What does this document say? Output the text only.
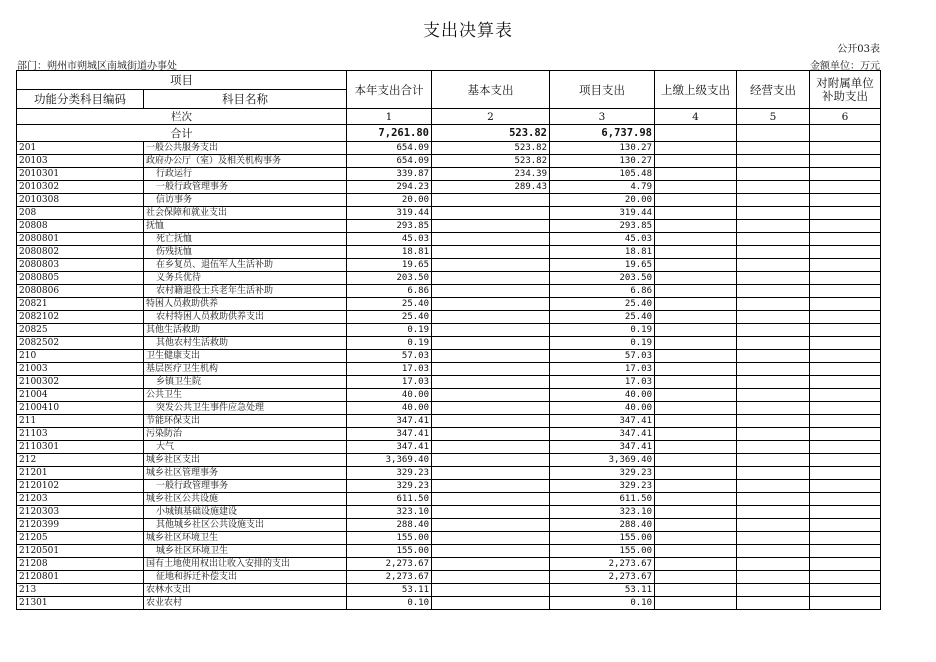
支出决算表
公开03表
部门：朔州市朔城区南城街道办事处	金额单位：万元
项目		本年支出合计	基本支出	项目支出	上缴上级支出	经营支出	对附属单位补助支出
功能分类科目编码	科目名称						
栏次		1	2	3	4	5	6
合计		7,261.80	523.82	6,737.98			
201	一般公共服务支出	654.09	523.82	130.27			
20103	政府办公厅（室）及相关机构事务	654.09	523.82	130.27			
2010301	行政运行	339.87	234.39	105.48			
2010302	一般行政管理事务	294.23	289.43	4.79			
2010308	信访事务	20.00		20.00			
208	社会保障和就业支出	319.44		319.44			
20808	抚恤	293.85		293.85			
2080801	死亡抚恤	45.03		45.03			
2080802	伤残抚恤	18.81		18.81			
2080803	在乡复员、退伍军人生活补助	19.65		19.65			
2080805	义务兵优待	203.50		203.50			
2080806	农村籍退役士兵老年生活补助	6.86		6.86			
20821	特困人员救助供养	25.40		25.40			
2082102	农村特困人员救助供养支出	25.40		25.40			
20825	其他生活救助	0.19		0.19			
2082502	其他农村生活救助	0.19		0.19			
210	卫生健康支出	57.03		57.03			
21003	基层医疗卫生机构	17.03		17.03			
2100302	乡镇卫生院	17.03		17.03			
21004	公共卫生	40.00		40.00			
2100410	突发公共卫生事件应急处理	40.00		40.00			
211	节能环保支出	347.41		347.41			
21103	污染防治	347.41		347.41			
2110301	大气	347.41		347.41			
212	城乡社区支出	3,369.40		3,369.40			
21201	城乡社区管理事务	329.23		329.23			
2120102	一般行政管理事务	329.23		329.23			
21203	城乡社区公共设施	611.50		611.50			
2120303	小城镇基础设施建设	323.10		323.10			
2120399	其他城乡社区公共设施支出	288.40		288.40			
21205	城乡社区环境卫生	155.00		155.00			
2120501	城乡社区环境卫生	155.00		155.00			
21208	国有土地使用权出让收入安排的支出	2,273.67		2,273.67			
2120801	征地和拆迁补偿支出	2,273.67		2,273.67			
213	农林水支出	53.11		53.11			
21301	农业农村	0.10		0.10			
